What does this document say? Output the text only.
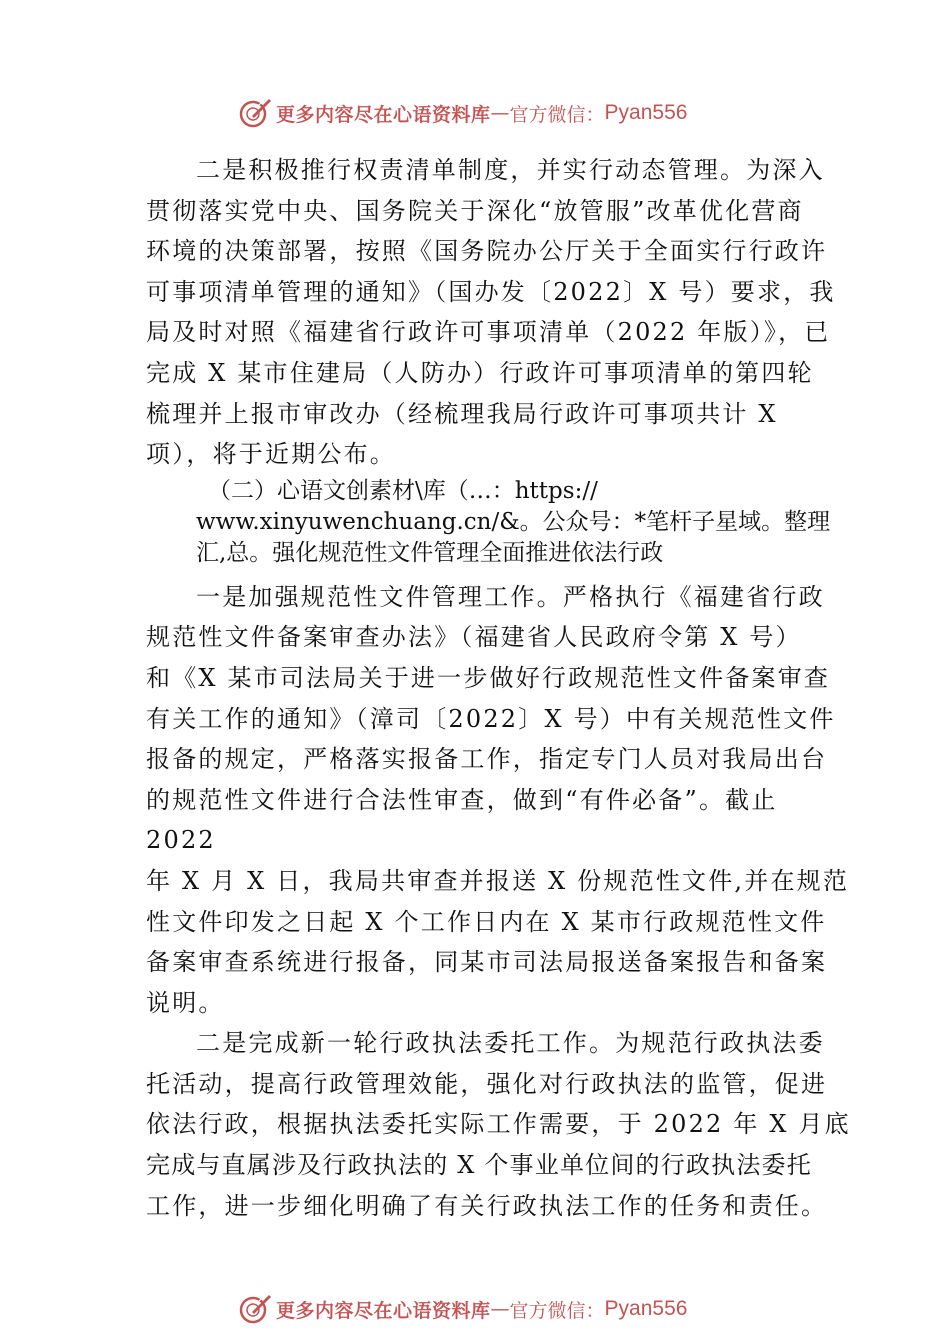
更多内容尽在心语资料库 — 官方微信： Pyan556
二是积极推行权责清单制度，并实行动态管理。为深入
贯彻落实党中央、国务院关于深化“放管服”改革优化营商
环境的决策部署，按照《国务院办公厅关于全面实行行政许
可事项清单管理的通知》（国办发〔2022〕X 号）要求，我
局及时对照《福建省行政许可事项清单（2022 年版）》，已
完成 X 某市住建局（人防办）行政许可事项清单的第四轮
梳理并上报市审改办（经梳理我局行政许可事项共计 X
项），将于近期公布。
（二）心语文创素材\库（…：https://
www.xinyuwenchuang.cn/&。公众号：*笔杆子星域。整理
汇,总。强化规范性文件管理全面推进依法行政
一是加强规范性文件管理工作。严格执行《福建省行政
规范性文件备案审查办法》（福建省人民政府令第 X 号）
和《X 某市司法局关于进一步做好行政规范性文件备案审查
有关工作的通知》（漳司〔2022〕X 号）中有关规范性文件
报备的规定，严格落实报备工作，指定专门人员对我局出台
的规范性文件进行合法性审查，做到“有件必备”。截止
2022
年 X 月 X 日，我局共审查并报送 X 份规范性文件,并在规范
性文件印发之日起 X 个工作日内在 X 某市行政规范性文件
备案审查系统进行报备，同某市司法局报送备案报告和备案
说明。
二是完成新一轮行政执法委托工作。为规范行政执法委
托活动，提高行政管理效能，强化对行政执法的监管，促进
依法行政，根据执法委托实际工作需要，于 2022 年 X 月底
完成与直属涉及行政执法的 X 个事业单位间的行政执法委托
工作，进一步细化明确了有关行政执法工作的任务和责任。
更多内容尽在心语资料库 — 官方微信： Pyan556
